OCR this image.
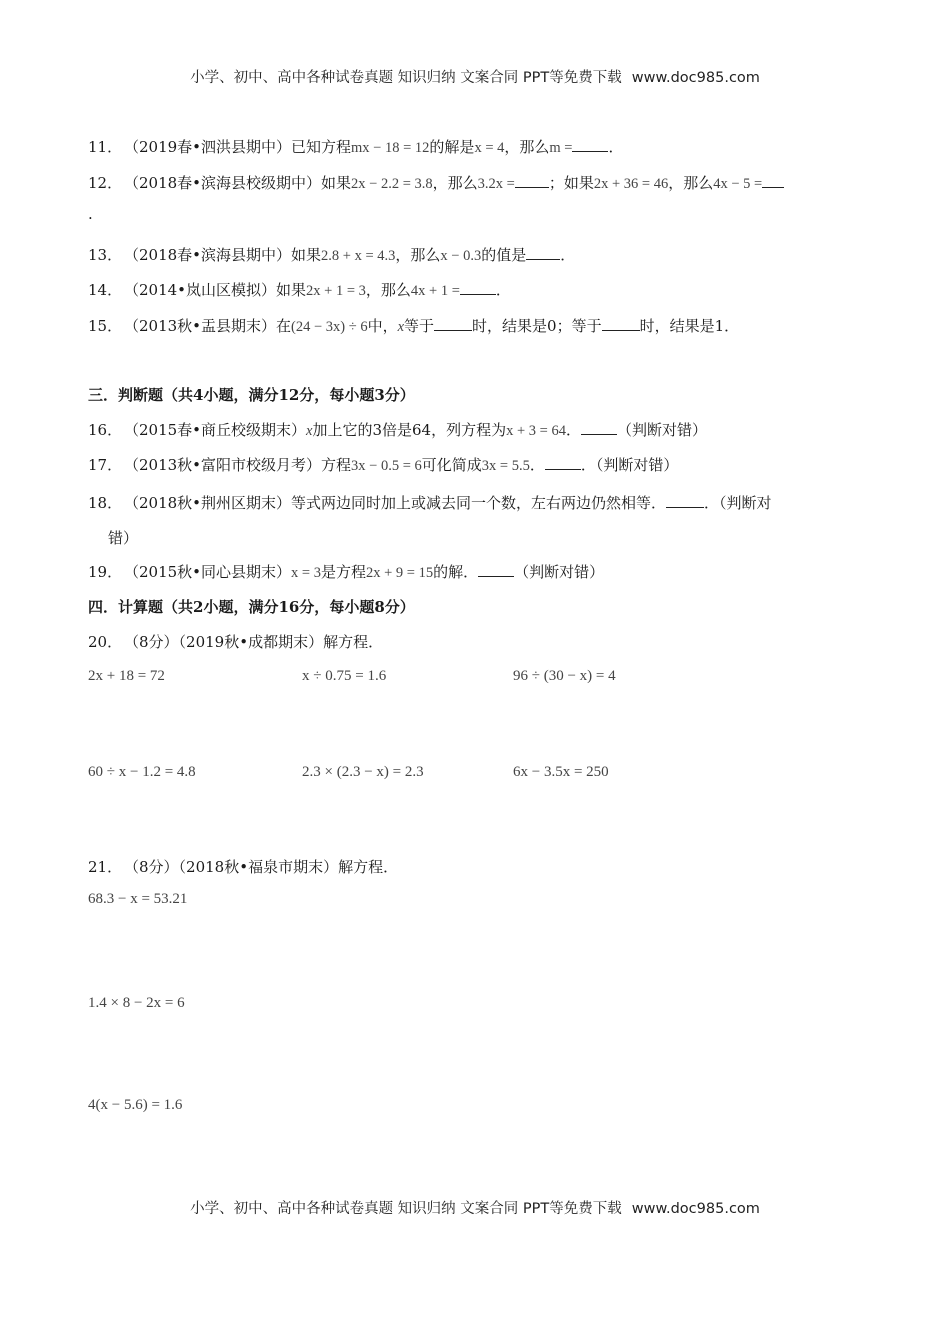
小学、初中、高中各种试卷真题 知识归纳 文案合同 PPT等免费下载 www.doc985.com
11． （2019春•泗洪县期中）已知方程mx − 18 = 12的解是x = 4，那么m = ．
12． （2018春•滨海县校级期中）如果2x − 2.2 = 3.8，那么3.2x = ；如果2x + 36 = 46，那么4x − 5 =
.
13． （2018春•滨海县期中）如果2.8 + x = 4.3，那么x − 0.3的值是 ．
14． （2014•岚山区模拟）如果2x + 1 = 3，那么4x + 1 = ．
15． （2013秋•盂县期末）在(24 − 3x) ÷ 6中，x等于	时，结果是0；等于	时，结果是1．
三．判断题（共4小题，满分12分，每小题3分）
16． （2015春•商丘校级期末）x加上它的3倍是64，列方程为x + 3 = 64． （判断对错）
17． （2013秋•富阳市校级月考）方程3x − 0.5 = 6可化简成3x = 5.5． ．（判断对错）
18． （2018秋•荆州区期末）等式两边同时加上或减去同一个数，左右两边仍然相等．	．（判断对
错）
19． （2015秋•同心县期末）x = 3是方程2x + 9 = 15的解． （判断对错）
四．计算题（共2小题，满分16分，每小题8分）
20． （8分）（2019秋•成都期末）解方程．
2x + 18 = 72	x ÷ 0.75 = 1.6	96 ÷ (30 − x) = 4
60 ÷ x − 1.2 = 4.8	2.3 × (2.3 − x) = 2.3	6x − 3.5x = 250
21． （8分）（2018秋•福泉市期末）解方程．
68.3 − x = 53.21
1.4 × 8 − 2x = 6
4(x − 5.6) = 1.6
小学、初中、高中各种试卷真题 知识归纳 文案合同 PPT等免费下载 www.doc985.com
